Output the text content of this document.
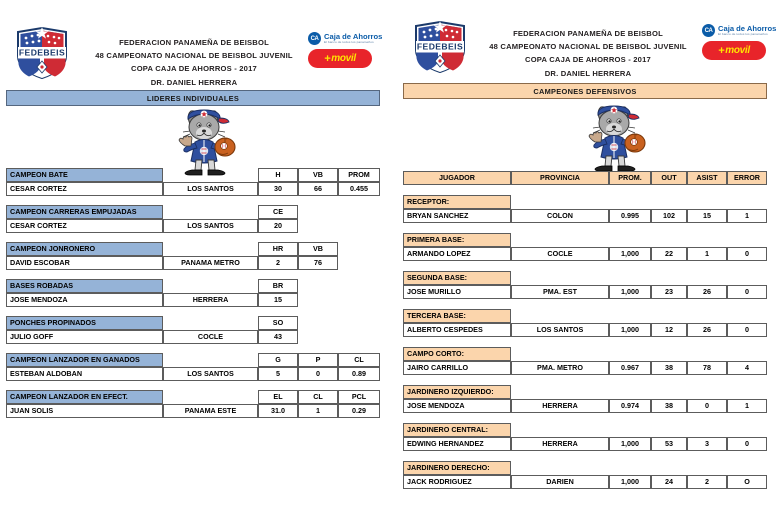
FEDEBEIS
FEDERACION PANAMEÑA DE BEISBOL
48 CAMPEONATO NACIONAL DE BEISBOL JUVENIL
COPA CAJA DE AHORROS - 2017
DR. DANIEL HERRERA
CA Caja de Ahorros
El banco de todos los panameños
+ movil
LIDERES INDIVIDUALES
CAMPEON BATE		H	VB	PROM
CESAR CORTEZ	LOS SANTOS	30	66	0.455

CAMPEON CARRERAS EMPUJADAS		CE		
CESAR CORTEZ	LOS SANTOS	20		

CAMPEON JONRONERO		HR	VB	
DAVID ESCOBAR	PANAMA METRO	2	76	

BASES ROBADAS		BR		
JOSE MENDOZA	HERRERA	15		

PONCHES PROPINADOS		SO		
JULIO GOFF	COCLE	43		

CAMPEON LANZADOR EN GANADOS		G	P	CL
ESTEBAN ALDOBAN	LOS SANTOS	5	0	0.89

CAMPEON LANZADOR EN EFECT.		EL	CL	PCL
JUAN SOLIS	PANAMA ESTE	31.0	1	0.29
FEDEBEIS
FEDERACION PANAMEÑA DE BEISBOL
48 CAMPEONATO NACIONAL DE BEISBOL JUVENIL
COPA CAJA DE AHORROS - 2017
DR. DANIEL HERRERA
CA Caja de Ahorros
El banco de todos los panameños
+ movil
CAMPEONES DEFENSIVOS
JUGADOR	PROVINCIA	PROM.	OUT	ASIST	ERROR

RECEPTOR:					
BRYAN SANCHEZ	COLON	0.995	102	15	1

PRIMERA BASE:					
ARMANDO LOPEZ	COCLE	1,000	22	1	0

SEGUNDA BASE:					
JOSE MURILLO	PMA. EST	1,000	23	26	0

TERCERA BASE:					
ALBERTO CESPEDES	LOS SANTOS	1,000	12	26	0

CAMPO CORTO:					
JAIRO CARRILLO	PMA. METRO	0.967	38	78	4

JARDINERO IZQUIERDO:					
JOSE MENDOZA	HERRERA	0.974	38	0	1

JARDINERO CENTRAL:					
EDWING HERNANDEZ	HERRERA	1,000	53	3	0

JARDINERO DERECHO:					
JACK RODRIGUEZ	DARIEN	1,000	24	2	O
